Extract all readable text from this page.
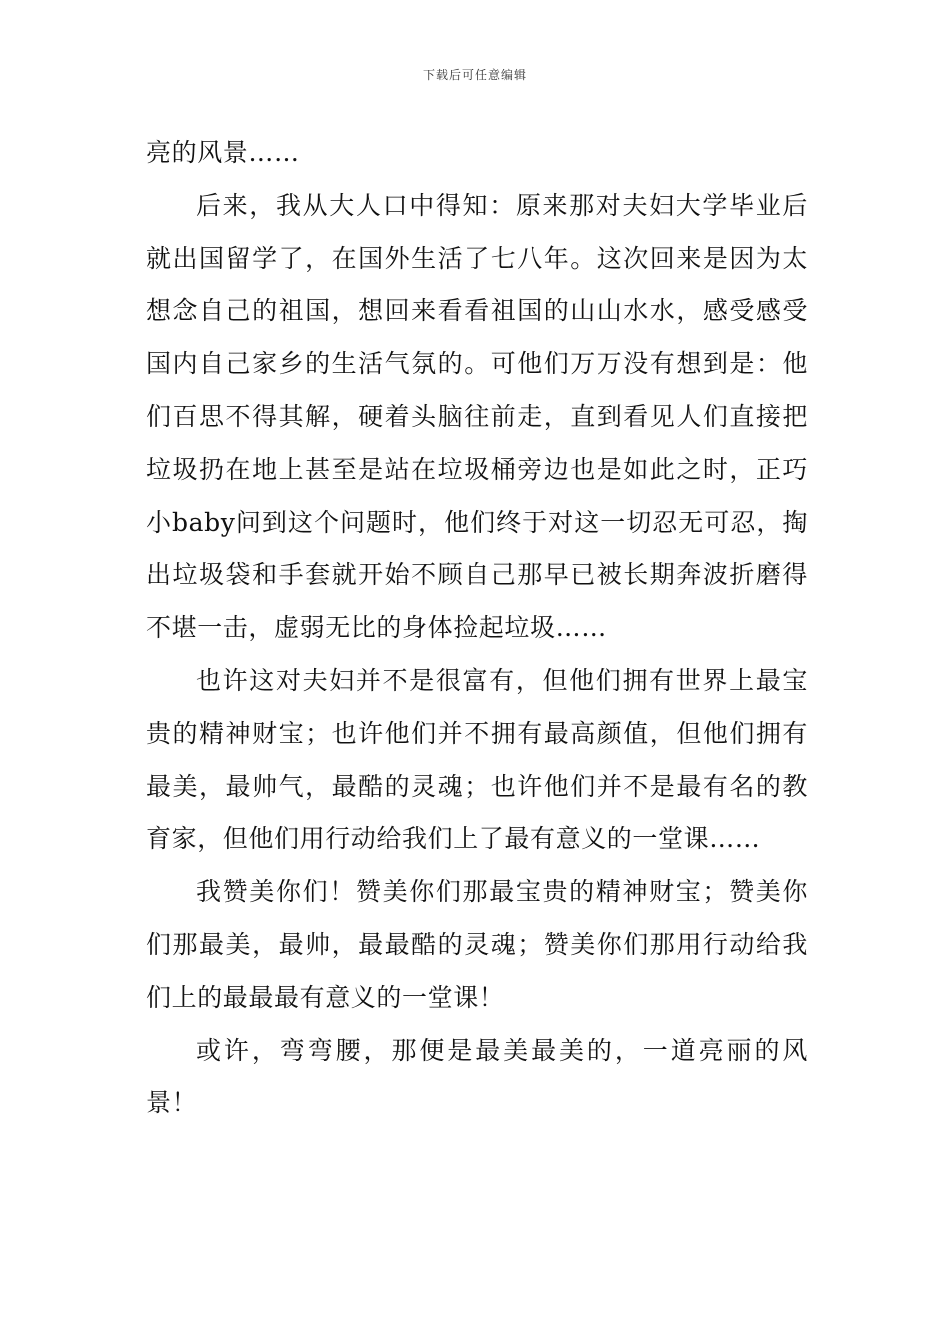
下载后可任意编辑

亮的风景……

后来，我从大人口中得知：原来那对夫妇大学毕业后就出国留学了，在国外生活了七八年。这次回来是因为太想念自己的祖国，想回来看看祖国的山山水水，感受感受国内自己家乡的生活气氛的。可他们万万没有想到是：他们百思不得其解，硬着头脑往前走，直到看见人们直接把垃圾扔在地上甚至是站在垃圾桶旁边也是如此之时，正巧小baby问到这个问题时，他们终于对这一切忍无可忍，掏出垃圾袋和手套就开始不顾自己那早已被长期奔波折磨得不堪一击，虚弱无比的身体捡起垃圾……

也许这对夫妇并不是很富有，但他们拥有世界上最宝贵的精神财宝；也许他们并不拥有最高颜值，但他们拥有最美，最帅气，最酷的灵魂；也许他们并不是最有名的教育家，但他们用行动给我们上了最有意义的一堂课……

我赞美你们！赞美你们那最宝贵的精神财宝；赞美你们那最美，最帅，最最酷的灵魂；赞美你们那用行动给我们上的最最最有意义的一堂课！

或许，弯弯腰，那便是最美最美的，一道亮丽的风景！
